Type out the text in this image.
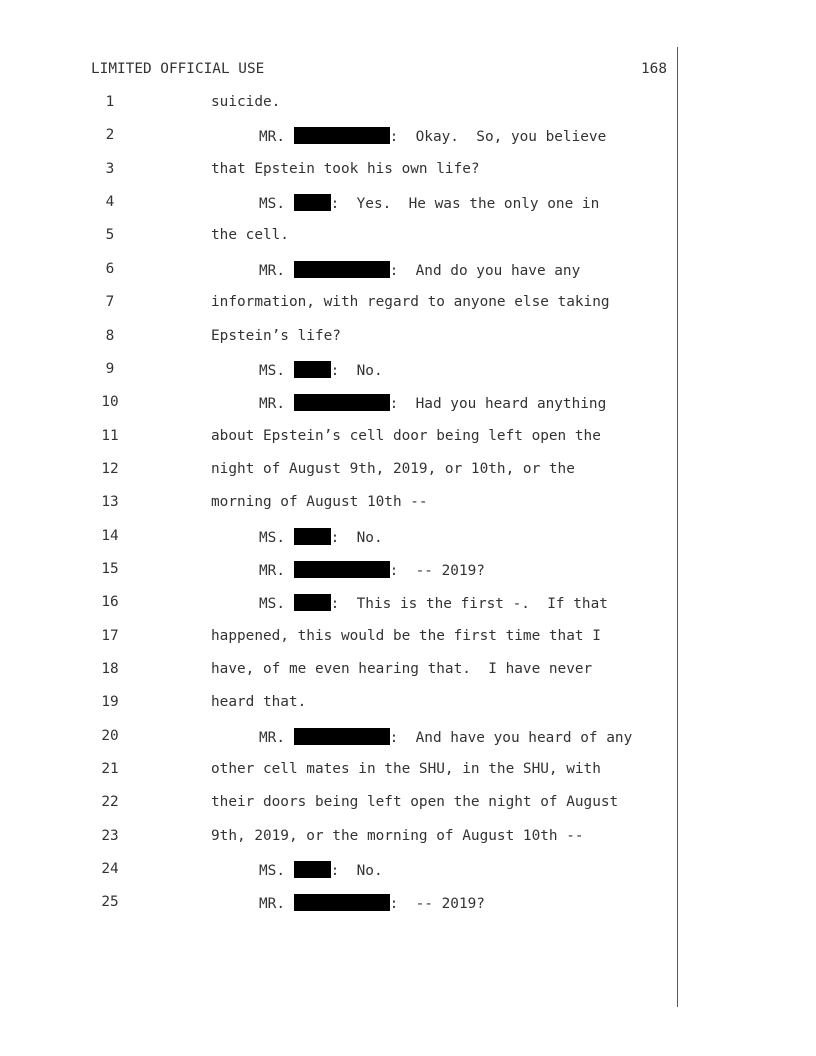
LIMITED OFFICIAL USE	168
1	suicide.
2	MR.	:  Okay.  So, you believe
3	that Epstein took his own life?
4	MS.	:  Yes.  He was the only one in
5	the cell.
6	MR.	:  And do you have any
7	information, with regard to anyone else taking
8	Epstein’s life?
9	MS.	:  No.
10	MR.	:  Had you heard anything
11	about Epstein’s cell door being left open the
12	night of August 9th, 2019, or 10th, or the
13	morning of August 10th --
14	MS.	:  No.
15	MR.	:  -- 2019?
16	MS.	:  This is the first -.  If that
17	happened, this would be the first time that I
18	have, of me even hearing that.  I have never
19	heard that.
20	MR.	:  And have you heard of any
21	other cell mates in the SHU, in the SHU, with
22	their doors being left open the night of August
23	9th, 2019, or the morning of August 10th --
24	MS.	:  No.
25	MR.	:  -- 2019?
